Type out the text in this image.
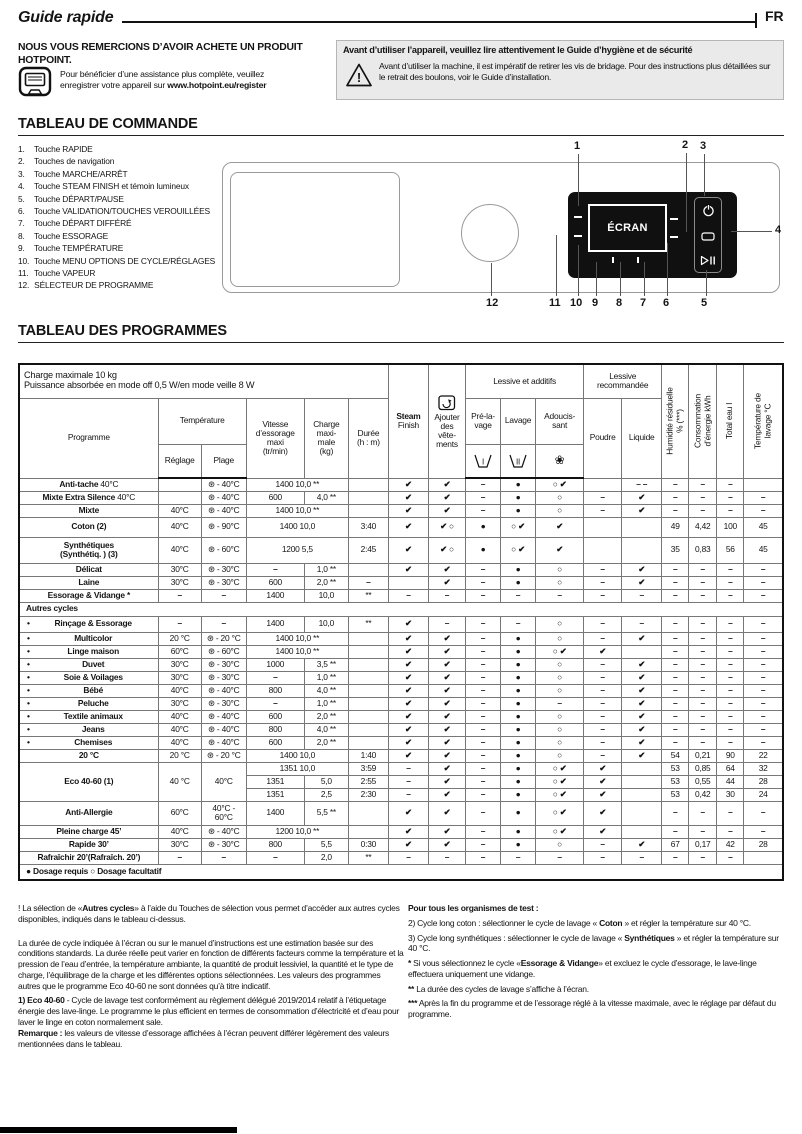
Guide rapide	FR
NOUS VOUS REMERCIONS D’AVOIR ACHETE UN PRODUIT
HOTPOINT.
Pour bénéficier d’une assistance plus complète, veuillez
enregistrer votre appareil sur www.hotpoint.eu/register
Avant d’utiliser l’appareil, veuillez lire attentivement le Guide d’hygiène et de sécurité
!
Avant d’utiliser la machine, il est impératif de retirer les vis de bridage. Pour des instructions plus détaillées sur le retrait des boulons, voir le Guide d’installation.
TABLEAU DE COMMANDE
1. Touche RAPIDE
2. Touches de navigation
3. Touche MARCHE/ARRÊT
4. Touche STEAM FINISH et témoin lumineux
5. Touche DÉPART/PAUSE
6. Touche VALIDATION/TOUCHES VEROUILLÉES
7. Touche DÉPART DIFFÉRÉ
8. Touche ESSORAGE
9. Touche TEMPÉRATURE
10. Touche MENU OPTIONS DE CYCLE/RÉGLAGES
11. Touche VAPEUR
12. SÉLECTEUR DE PROGRAMME
ÉCRAN
1	2 3
4
5
6
7
8
9
10
11
12
TABLEAU DES PROGRAMMES
Charge maximale 10 kg
Puissance absorbée en mode off 0,5 W/en mode veille 8 W						Steam
Finish	Ajouter
des
vête-
ments	Lessive et additifs			Lessive
recommandée		Humidité résiduelle
% (***)	Consommation
d’énergie kWh	Total eau l	Température de
lavage °C

Programme	Température		Vitesse
d’essorage
maxi
(tr/min)	Charge
maxi-
male
(kg)	Durée
(h : m)			Pré-la-
vage	Lavage	Adoucis-
sant	Poudre	Liquide				
	Réglage	Plage						I	II	❀						
Anti-tache 40°C		⊛ - 40°C	1400 10,0 **			✔	✔	–	●	○ ✔		– –	–	–	–	
Mixte Extra Silence 40°C		⊛ - 40°C	600	4,0 **		✔	✔	–	●	○	–	✔	–	–	–	–
Mixte	40°C	⊛ - 40°C	1400 10,0 **			✔	✔	–	●	○	–	✔	–	–	–	–
Coton (2)	40°C	⊛ - 90°C	1400 10,0		3:40	✔	✔ ○	●	○ ✔	✔			49	4,42	100	45
Synthétiques
(Synthétiq. ) (3)	40°C	⊛ - 60°C	1200 5,5		2:45	✔	✔ ○	●	○ ✔	✔			35	0,83	56	45
Délicat	30°C	⊛ - 30°C	–	1,0 **		✔	✔	–	●	○	–	✔	–	–	–	–
Laine	30°C	⊛ - 30°C	600	2,0 **	–		✔	–	●	○	–	✔	–	–	–	–
Essorage & Vidange *	–	–	1400	10,0	**	–	–	–	–	–	–	–	–	–	–	–
Autres cycles																

• Rinçage & Essorage	–	–	1400	10,0	**	✔	–	–	–	○	–	–	–	–	–	–

• Multicolor	20 °C	⊛ - 20 °C	1400 10,0 **			✔	✔	–	●	○	–	✔	–	–	–	–

• Linge maison	60°C	⊛ - 60°C	1400 10,0 **			✔	✔	–	●	○ ✔	✔		–	–	–	–

• Duvet	30°C	⊛ - 30°C	1000	3,5 **		✔	✔	–	●	○	–	✔	–	–	–	–

• Soie & Voilages	30°C	⊛ - 30°C	–	1,0 **		✔	✔	–	●	○	–	✔	–	–	–	–

• Bébé	40°C	⊛ - 40°C	800	4,0 **		✔	✔	–	●	○	–	✔	–	–	–	–

• Peluche	30°C	⊛ - 30°C	–	1,0 **		✔	✔	–	●	–	–	✔	–	–	–	–

• Textile animaux	40°C	⊛ - 40°C	600	2,0 **		✔	✔	–	●	○	–	✔	–	–	–	–

• Jeans	40°C	⊛ - 40°C	800	4,0 **		✔	✔	–	●	○	–	✔	–	–	–	–

• Chemises	40°C	⊛ - 40°C	600	2,0 **		✔	✔	–	●	○	–	✔	–	–	–	–
20 °C	20 °C	⊛ - 20 °C	1400 10,0		1:40	✔	✔	–	●	○	–	✔	54	0,21	90	22
Eco 40-60 (1)	40 °C	40°C	1351 10,0		3:59	–	✔	–	●	○ ✔	✔		53	0,85	64	32
			1351	5,0	2:55	–	✔	–	●	○ ✔	✔		53	0,55	44	28
			1351	2,5	2:30	–	✔	–	●	○ ✔	✔		53	0,42	30	24
Anti-Allergie	60°C	40°C - 60°C	1400	5,5 **		✔	✔	–	●	○ ✔	✔		–	–	–	–
Pleine charge 45’	40°C	⊛ - 40°C	1200 10,0 **			✔	✔	–	●	○ ✔	✔		–	–	–	–
Rapide 30’	30°C	⊛ - 30°C	800	5,5	0:30	✔	✔	–	●	○	–	✔	67	0,17	42	28
Rafraîchir 20’(Rafraîch. 20’)	–	–	–	2,0	**	–	–	–	–	–	–	–	–	–	–	
● Dosage requis ○ Dosage facultatif																

! La sélection de «Autres cycles» à l’aide du Touches de sélection vous permet d’accéder aux autres cycles disponibles, indiqués dans le tableau ci-dessus.

La durée de cycle indiquée à l’écran ou sur le manuel d’instructions est une estimation basée sur des conditions standards. La durée réelle peut varier en fonction de différents facteurs comme la température et la pression de l’eau d’entrée, la température ambiante, la quantité de produit lessiviel, la quantité et le type de charge, l’équilibrage de la charge et les différentes options sélectionnées. Les valeurs des programmes autres que le programme Eco 40-60 ne sont données qu’à titre indicatif.

1) Eco 40-60 - Cycle de lavage test conformément au règlement délégué 2019/2014 relatif à l’étiquetage énergie des lave-linge. Le programme le plus efficient en termes de consommation d’électricité et d’eau pour laver le linge en coton normalement sale.
Remarque : les valeurs de vitesse d’essorage affichées à l’écran peuvent différer légèrement des valeurs mentionnées dans le tableau.

Pour tous les organismes de test :

2) Cycle long coton : sélectionner le cycle de lavage « Coton » et régler la température sur 40 °C.

3) Cycle long synthétiques : sélectionner le cycle de lavage « Synthétiques » et régler la température sur 40 °C.

* Si vous sélectionnez le cycle «Essorage & Vidange» et excluez le cycle d’essorage, le lave-linge effectuera uniquement une vidange.

** La durée des cycles de lavage s’affiche à l’écran.

*** Après la fin du programme et de l’essorage réglé à la vitesse maximale, avec le réglage par défaut du programme.
